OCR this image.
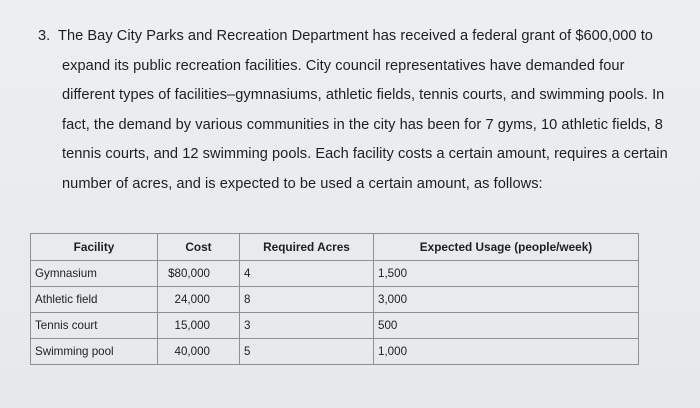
3. The Bay City Parks and Recreation Department has received a federal grant of $600,000 to
expand its public recreation facilities. City council representatives have demanded four
different types of facilities–gymnasiums, athletic fields, tennis courts, and swimming pools. In
fact, the demand by various communities in the city has been for 7 gyms, 10 athletic fields, 8
tennis courts, and 12 swimming pools. Each facility costs a certain amount, requires a certain
number of acres, and is expected to be used a certain amount, as follows:
Facility	Cost	Required Acres	Expected Usage (people/week)
Gymnasium	$80,000	4	1,500
Athletic field	24,000	8	3,000
Tennis court	15,000	3	500
Swimming pool	40,000	5	1,000
